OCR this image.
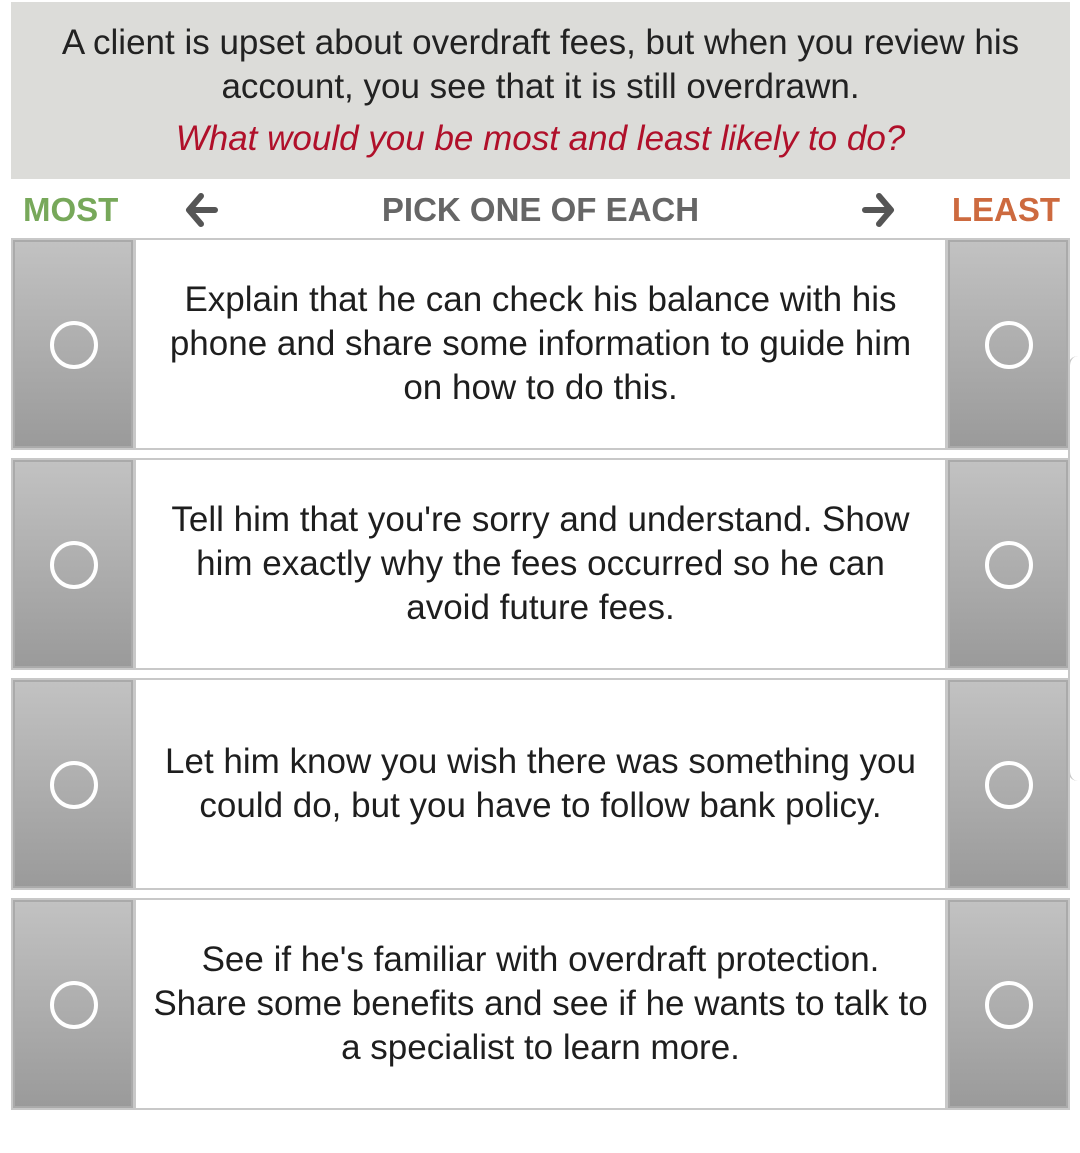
A client is upset about overdraft fees, but when you review his account, you see that it is still overdrawn.
What would you be most and least likely to do?
MOST	PICK ONE OF EACH	LEAST
Explain that he can check his balance with his phone and share some information to guide him on how to do this.
Tell him that you're sorry and understand. Show him exactly why the fees occurred so he can avoid future fees.
Let him know you wish there was something you could do, but you have to follow bank policy.
See if he's familiar with overdraft protection. Share some benefits and see if he wants to talk to a specialist to learn more.
